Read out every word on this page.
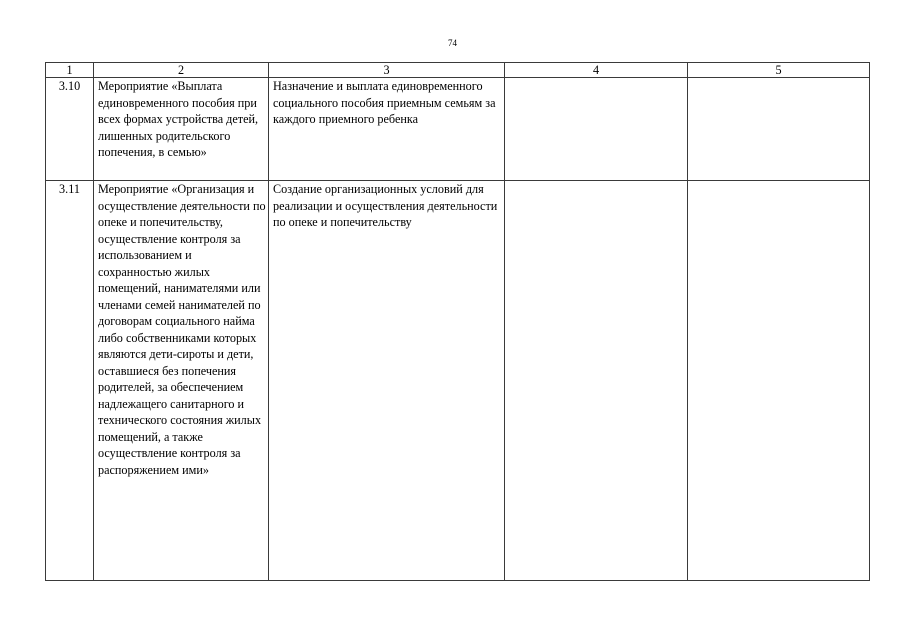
74
1	2	3	4	5
3.10	Мероприятие «Выплата единовременного пособия при всех формах устройства детей, лишенных родительского попечения, в семью»	Назначение и выплата единовременного социального пособия приемным семьям за каждого приемного ребенка		
3.11	Мероприятие «Организация и осуществление деятельности по опеке и попечительству, осуществление контроля за использованием и сохранностью жилых помещений, нанимателями или членами семей нанимателей по договорам социального найма либо собственниками которых являются дети-сироты и дети, оставшиеся без попечения родителей, за обеспечением надлежащего санитарного и технического состояния жилых помещений, а также осуществление контроля за распоряжением ими»	Создание организационных условий для реализации и осуществления деятельности по опеке и попечительству		
